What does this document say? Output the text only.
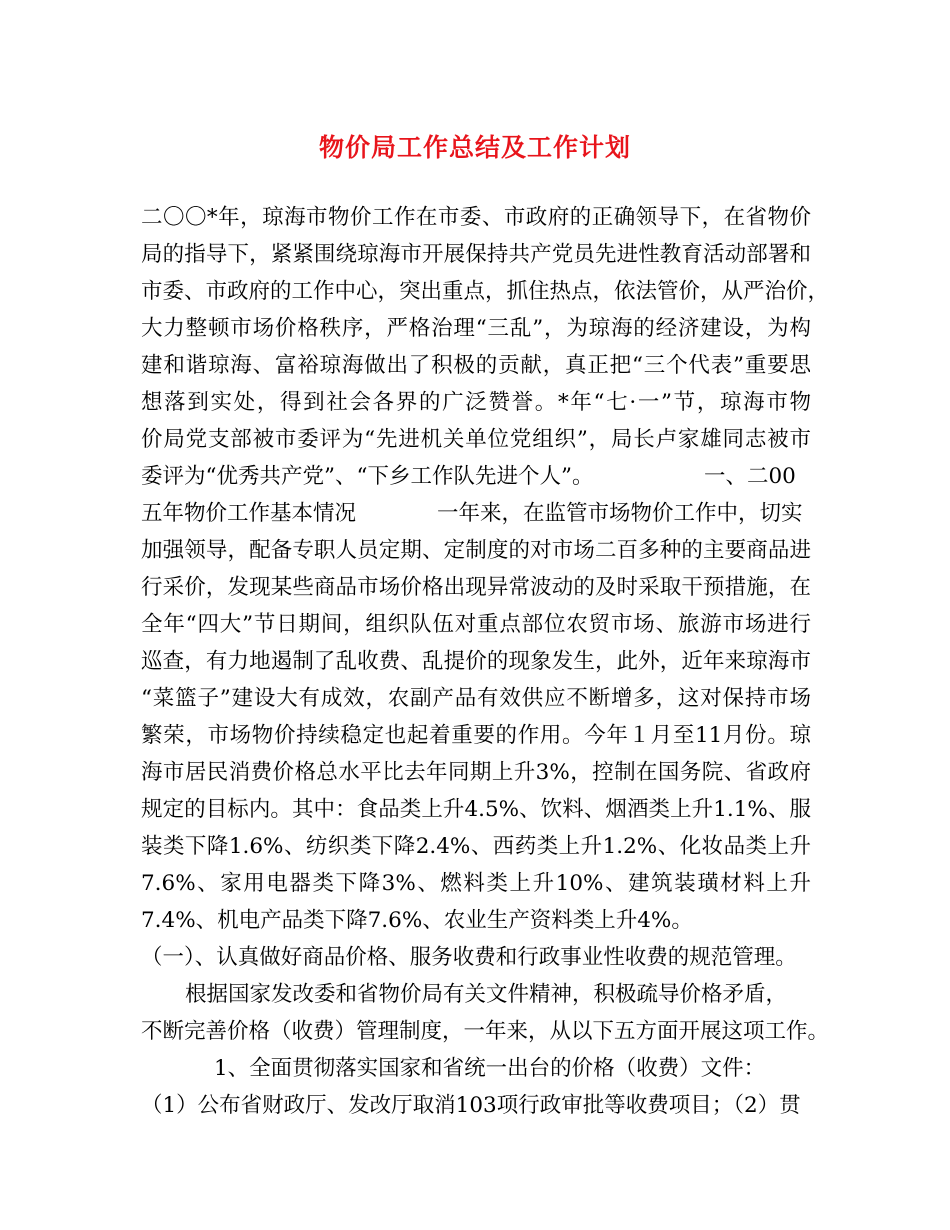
物价局工作总结及工作计划
二〇〇*年，琼海市物价工作在市委、市政府的正确领导下，在省物价
局的指导下，紧紧围绕琼海市开展保持共产党员先进性教育活动部署和
市委、市政府的工作中心，突出重点，抓住热点，依法管价，从严治价，
大力整顿市场价格秩序，严格治理“三乱”，为琼海的经济建设，为构
建和谐琼海、富裕琼海做出了积极的贡献，真正把“三个代表”重要思
想落到实处，得到社会各界的广泛赞誉。*年“七·一”节，琼海市物
价局党支部被市委评为“先进机关单位党组织”，局长卢家雄同志被市
委评为“优秀共产党”、“下乡工作队先进个人”。	一、二00
五年物价工作基本情况	一年来，在监管市场物价工作中，切实
加强领导，配备专职人员定期、定制度的对市场二百多种的主要商品进
行采价，发现某些商品市场价格出现异常波动的及时采取干预措施，在
全年“四大”节日期间，组织队伍对重点部位农贸市场、旅游市场进行
巡查，有力地遏制了乱收费、乱提价的现象发生，此外，近年来琼海市
“菜篮子”建设大有成效，农副产品有效供应不断增多，这对保持市场
繁荣，市场物价持续稳定也起着重要的作用。今年１月至11月份。琼
海市居民消费价格总水平比去年同期上升3%，控制在国务院、省政府
规定的目标内。其中：食品类上升4.5%、饮料、烟酒类上升1.1%、服
装类下降1.6%、纺织类下降2.4%、西药类上升1.2%、化妆品类上升
7.6%、家用电器类下降3%、燃料类上升10%、建筑装璜材料上升
7.4%、机电产品类下降7.6%、农业生产资料类上升4%。
（一）、认真做好商品价格、服务收费和行政事业性收费的规范管理。
根据国家发改委和省物价局有关文件精神，积极疏导价格矛盾，
不断完善价格（收费）管理制度，一年来，从以下五方面开展这项工作。
1、全面贯彻落实国家和省统一出台的价格（收费）文件：
（1）公布省财政厅、发改厅取消103项行政审批等收费项目；（2）贯
